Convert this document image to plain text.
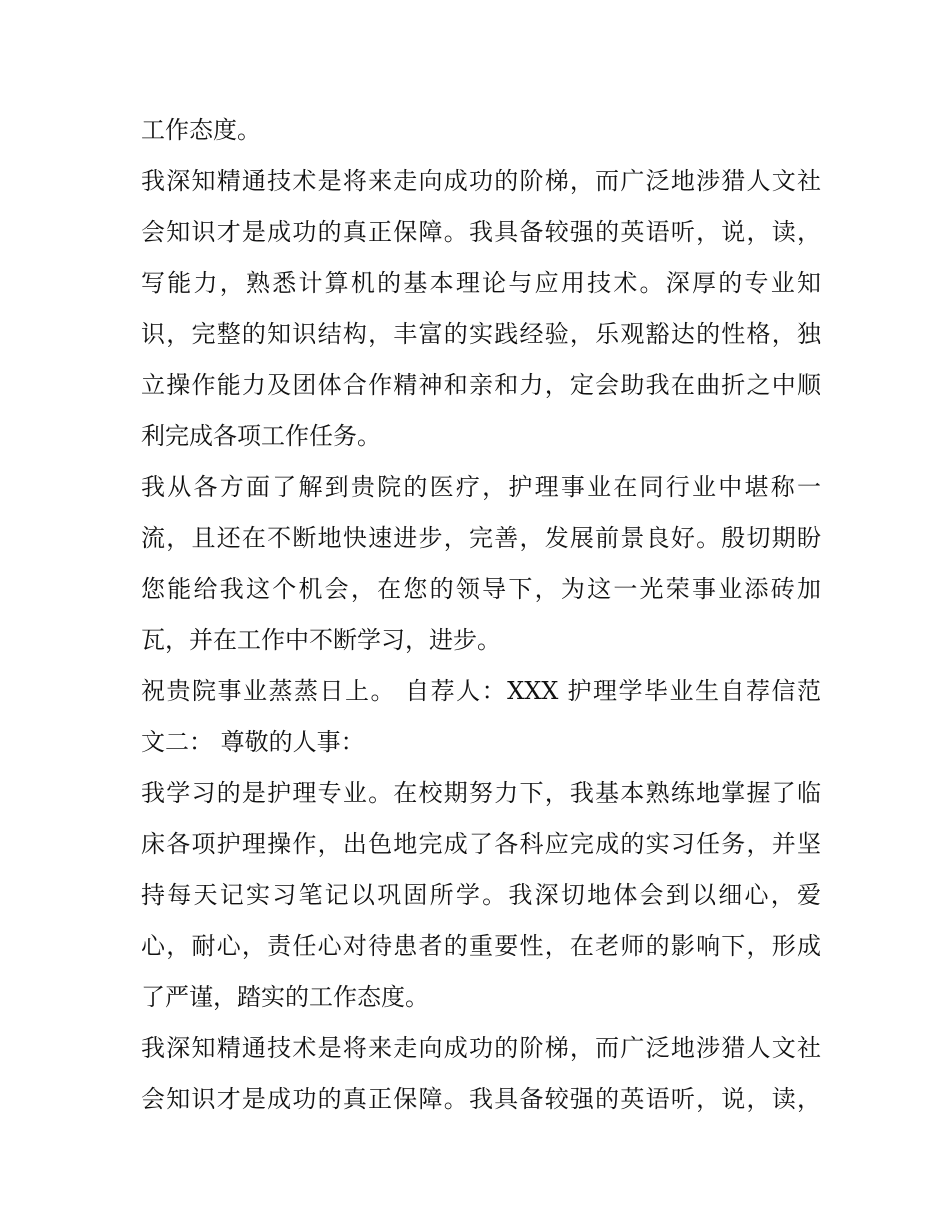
工作态度。
我深知精通技术是将来走向成功的阶梯，而广泛地涉猎人文社
会知识才是成功的真正保障。我具备较强的英语听，说，读，
写能力，熟悉计算机的基本理论与应用技术。深厚的专业知
识，完整的知识结构，丰富的实践经验，乐观豁达的性格，独
立操作能力及团体合作精神和亲和力，定会助我在曲折之中顺
利完成各项工作任务。
我从各方面了解到贵院的医疗，护理事业在同行业中堪称一
流，且还在不断地快速进步，完善，发展前景良好。殷切期盼
您能给我这个机会，在您的领导下，为这一光荣事业添砖加
瓦，并在工作中不断学习，进步。
祝贵院事业蒸蒸日上。 自荐人：XXX 护理学毕业生自荐信范
文二： 尊敬的人事：
我学习的是护理专业。在校期努力下，我基本熟练地掌握了临
床各项护理操作，出色地完成了各科应完成的实习任务，并坚
持每天记实习笔记以巩固所学。我深切地体会到以细心，爱
心，耐心，责任心对待患者的重要性，在老师的影响下，形成
了严谨，踏实的工作态度。
我深知精通技术是将来走向成功的阶梯，而广泛地涉猎人文社
会知识才是成功的真正保障。我具备较强的英语听，说，读，
